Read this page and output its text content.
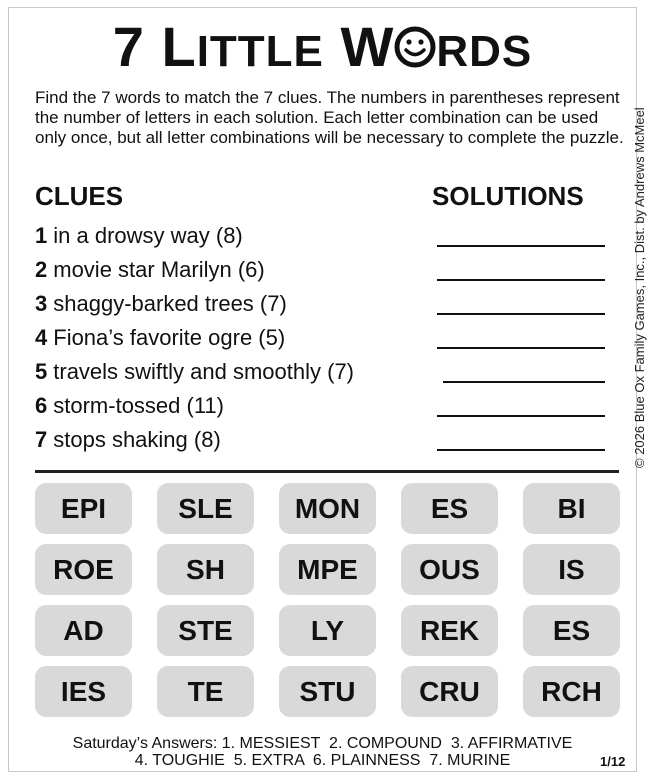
7 LITTLE W RDS
Find the 7 words to match the 7 clues. The numbers in parentheses represent the number of letters in each solution. Each letter combination can be used only once, but all letter combinations will be necessary to complete the puzzle. © 2026 Blue Ox Family Games, Inc., Dist. by Andrews McMeel
CLUES	SOLUTIONS
1 in a drowsy way (8)
2 movie star Marilyn (6)
3 shaggy-barked trees (7)
4 Fiona’s favorite ogre (5)
5 travels swiftly and smoothly (7)
6 storm-tossed (11)
7 stops shaking (8)
EPI	SLE	MON	ES	BI
ROE	SH	MPE	OUS	IS
AD	STE	LY	REK	ES
IES	TE	STU	CRU	RCH
Saturday’s Answers: 1. MESSIEST  2. COMPOUND  3. AFFIRMATIVE
4. TOUGHIE  5. EXTRA  6. PLAINNESS  7. MURINE	1/12
